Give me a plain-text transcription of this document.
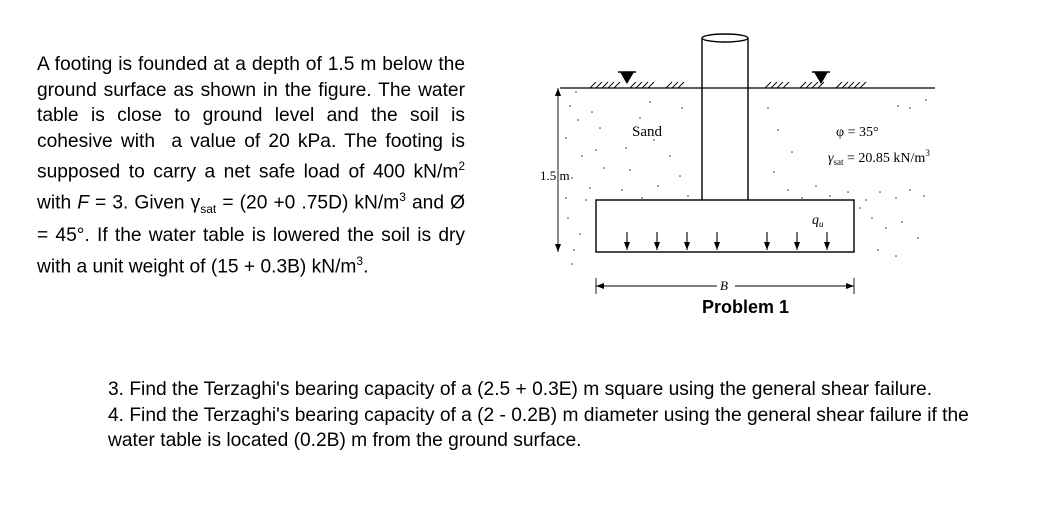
A footing is founded at a depth of 1.5 m below the ground surface as shown in the figure. The water table is close to ground level and the soil is cohesive with  a value of 20 kPa. The footing is supposed to carry a net safe load of 400 $kN/m^2$ with F = 3. Given $\gamma_{sat} = (20 +0$ .75D) $kN/m^3$ and Ø = 45°. If the water table is lowered the soil is dry with a unit weight of (15 + 0.3B) $kN/m^3$.

1.5 m
Sand	φ = 35°
$\gamma_{sat} = 20.85$ $kN/m^3$
$q_u$
B
Problem 1

3. Find the Terzaghi's bearing capacity of a (2.5 + 0.3E) m square using the general shear failure.

4. Find the Terzaghi's bearing capacity of a (2 - 0.2B) m diameter using the general shear failure if the water table is located (0.2B) m from the ground surface.
